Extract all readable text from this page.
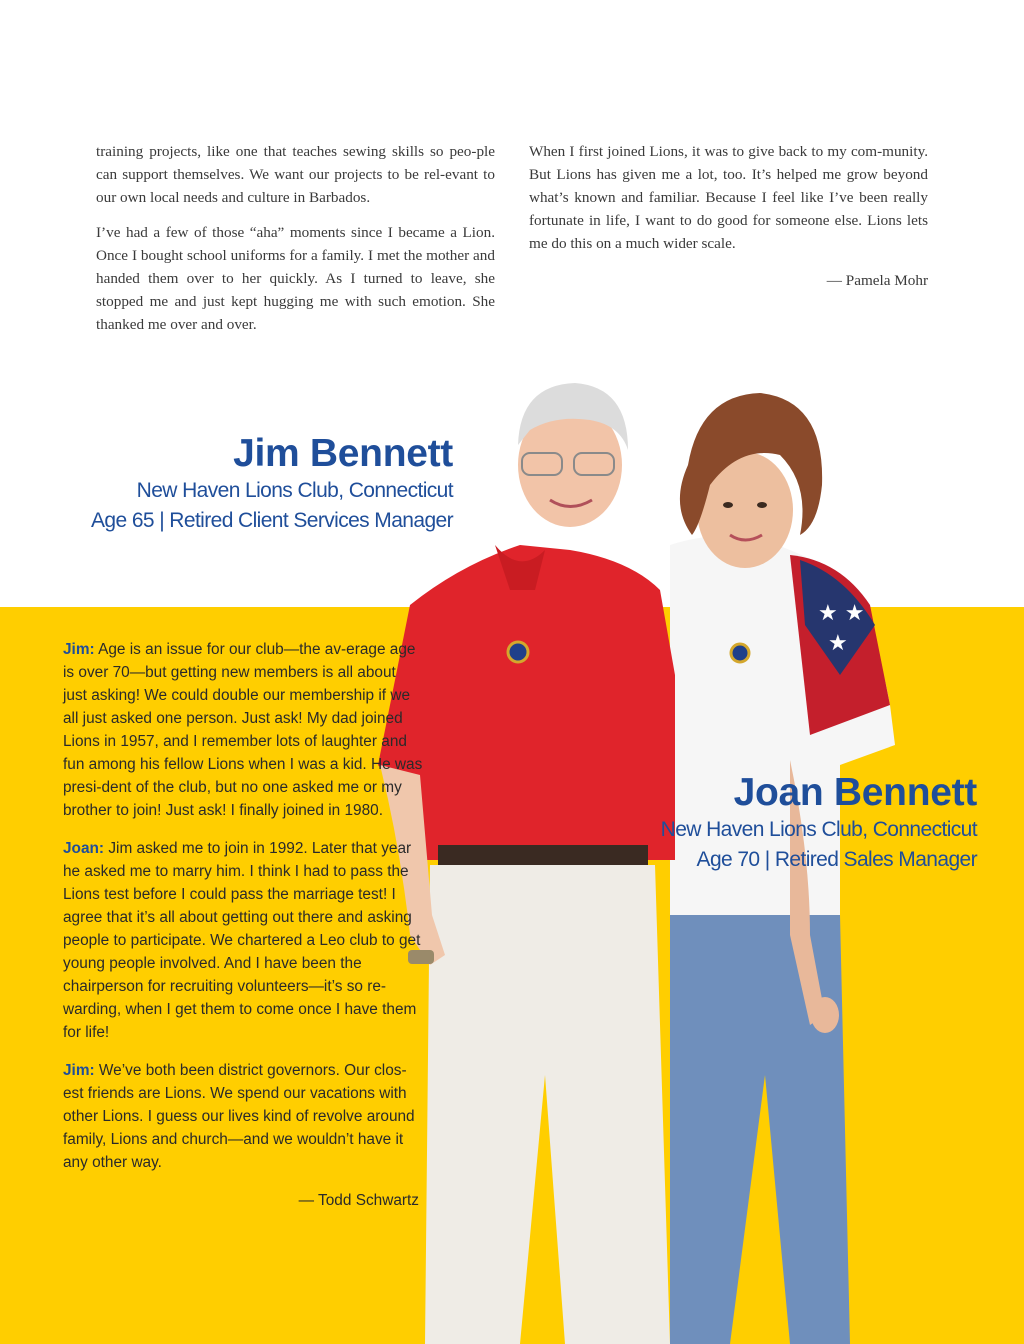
training projects, like one that teaches sewing skills so peo-ple can support themselves. We want our projects to be rel-evant to our own local needs and culture in Barbados.

I’ve had a few of those “aha” moments since I became a Lion. Once I bought school uniforms for a family. I met the mother and handed them over to her quickly. As I turned to leave, she stopped me and just kept hugging me with such emotion. She thanked me over and over.

When I first joined Lions, it was to give back to my com-munity. But Lions has given me a lot, too. It’s helped me grow beyond what’s known and familiar. Because I feel like I’ve been really fortunate in life, I want to do good for someone else. Lions lets me do this on a much wider scale.

— Pamela Mohr

★ ★
★
Jim Bennett
New Haven Lions Club, Connecticut
Age 65 | Retired Client Services Manager
Joan Bennett
New Haven Lions Club, Connecticut
Age 70 | Retired Sales Manager

Jim: Age is an issue for our club—the av-erage age is over 70—but getting new members is all about just asking! We could double our membership if we all just asked one person. Just ask! My dad joined Lions in 1957, and I remember lots of laughter and fun among his fellow Lions when I was a kid. He was presi-dent of the club, but no one asked me or my brother to join! Just ask! I finally joined in 1980.

Joan: Jim asked me to join in 1992. Later that year he asked me to marry him. I think I had to pass the Lions test before I could pass the marriage test! I agree that it’s all about getting out there and asking people to participate. We chartered a Leo club to get young people involved. And I have been the chairperson for recruiting volunteers—it’s so re-warding, when I get them to come once I have them for life!

Jim: We’ve both been district governors. Our clos-est friends are Lions. We spend our vacations with other Lions. I guess our lives kind of revolve around family, Lions and church—and we wouldn’t have it any other way.

— Todd Schwartz
